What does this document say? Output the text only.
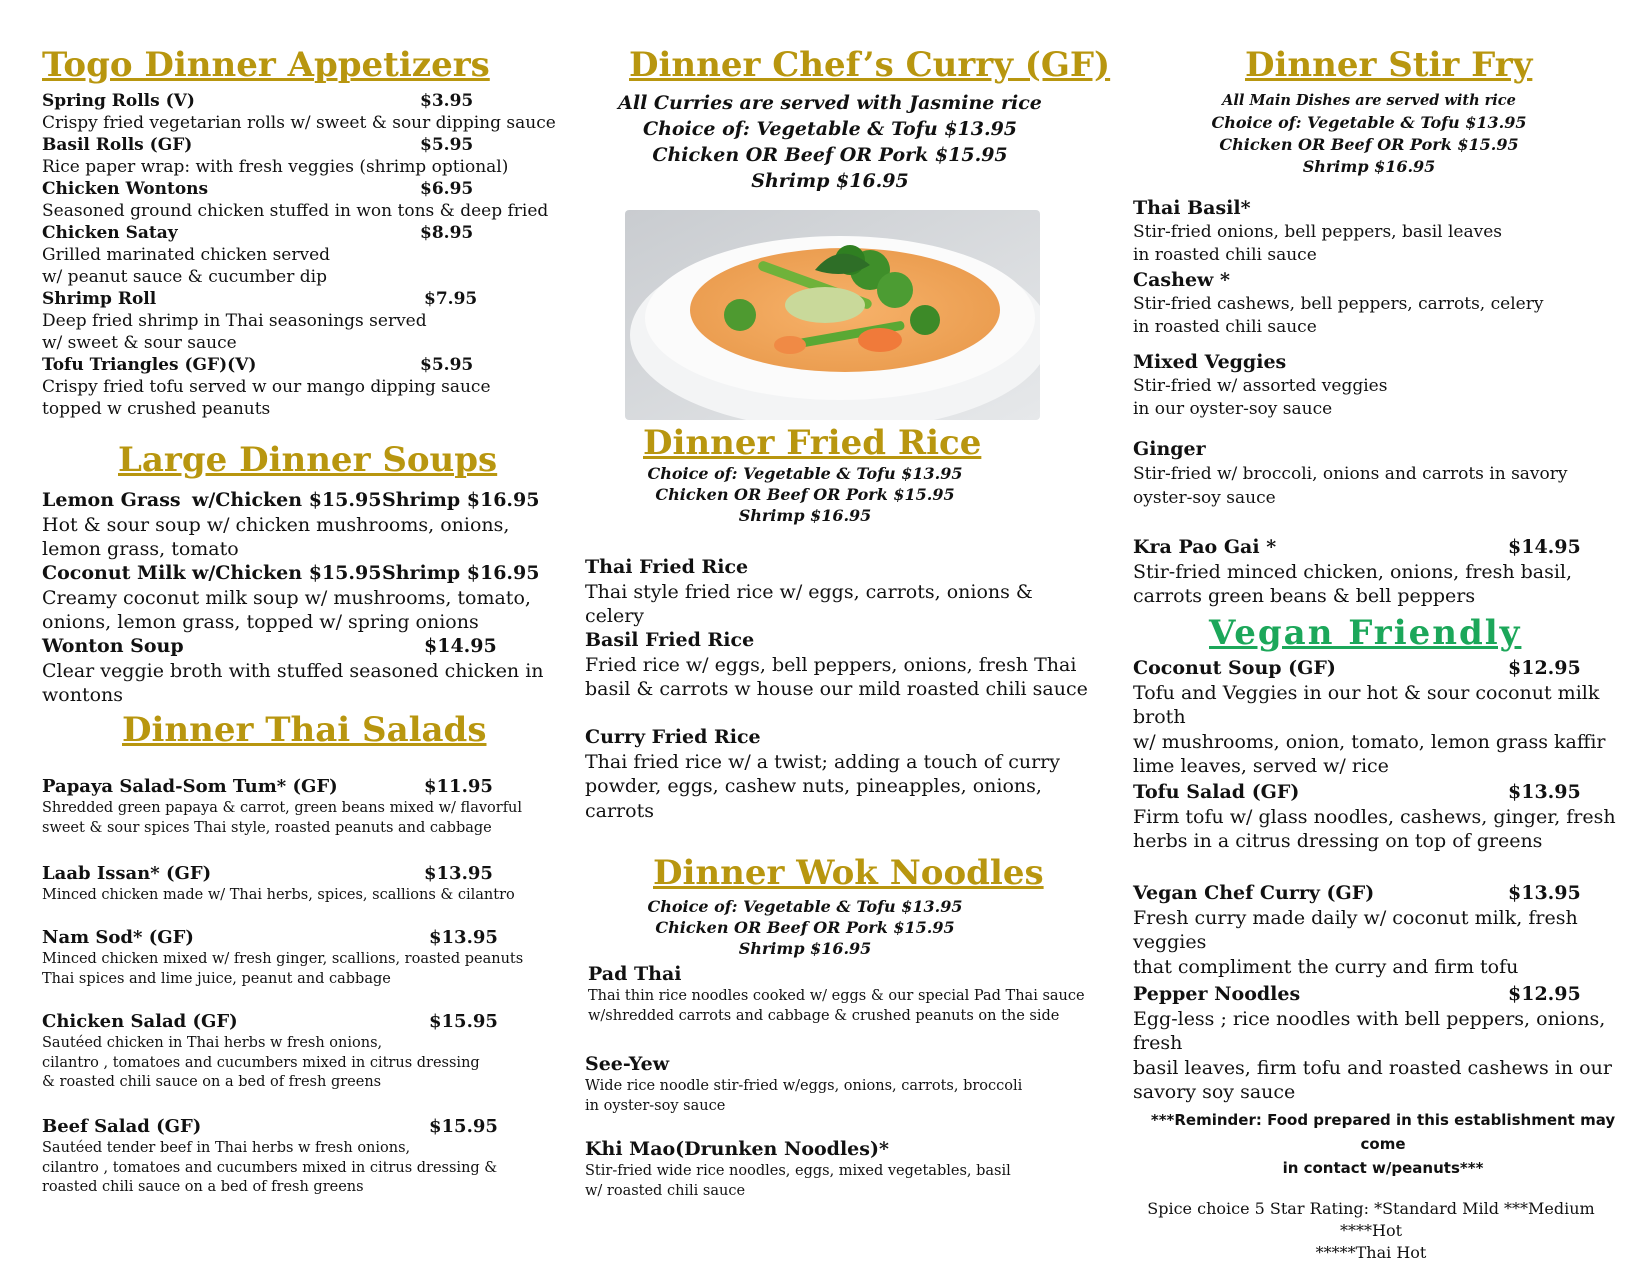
Togo Dinner Appetizers
Spring Rolls (V)	$3.95
Crispy fried vegetarian rolls w/ sweet & sour dipping sauce
Basil Rolls (GF)	$5.95
Rice paper wrap: with fresh veggies (shrimp optional)
Chicken Wontons	$6.95
Seasoned ground chicken stuffed in won tons & deep fried
Chicken Satay	$8.95
Grilled marinated chicken served
w/ peanut sauce & cucumber dip
Shrimp Roll	$7.95
Deep fried shrimp in Thai seasonings served
w/ sweet & sour sauce
Tofu Triangles (GF)(V)	$5.95
Crispy fried tofu served w our mango dipping sauce
topped w crushed peanuts
Large Dinner Soups
Lemon Grass w/Chicken $15.95 Shrimp $16.95
Hot & sour soup w/ chicken mushrooms, onions,
lemon grass, tomato
Coconut Milk w/Chicken $15.95 Shrimp $16.95
Creamy coconut milk soup w/ mushrooms, tomato,
onions, lemon grass, topped w/ spring onions
Wonton Soup	$14.95
Clear veggie broth with stuffed seasoned chicken in
wontons
Dinner Thai Salads
Papaya Salad-Som Tum* (GF)	$11.95
Shredded green papaya & carrot, green beans mixed w/ flavorful
sweet & sour spices Thai style, roasted peanuts and cabbage
Laab Issan* (GF)	$13.95
Minced chicken made w/ Thai herbs, spices, scallions & cilantro
Nam Sod* (GF)	$13.95
Minced chicken mixed w/ fresh ginger, scallions, roasted peanuts
Thai spices and lime juice, peanut and cabbage
Chicken Salad (GF)	$15.95
Sautéed chicken in Thai herbs w fresh onions,
cilantro , tomatoes and cucumbers mixed in citrus dressing
& roasted chili sauce on a bed of fresh greens
Beef Salad (GF)	$15.95
Sautéed tender beef in Thai herbs w fresh onions,
cilantro , tomatoes and cucumbers mixed in citrus dressing &
roasted chili sauce on a bed of fresh greens
Dinner Chef’s Curry (GF)
All Curries are served with Jasmine rice
Choice of: Vegetable & Tofu $13.95
Chicken OR Beef OR Pork $15.95
Shrimp $16.95
Dinner Fried Rice
Choice of: Vegetable & Tofu $13.95
Chicken OR Beef OR Pork $15.95
Shrimp $16.95
Thai Fried Rice
Thai style fried rice w/ eggs, carrots, onions & celery
Basil Fried Rice
Fried rice w/ eggs, bell peppers, onions, fresh Thai
basil & carrots w house our mild roasted chili sauce
Curry Fried Rice
Thai fried rice w/ a twist; adding a touch of curry
powder, eggs, cashew nuts, pineapples, onions, carrots
Dinner Wok Noodles
Choice of: Vegetable & Tofu $13.95
Chicken OR Beef OR Pork $15.95
Shrimp $16.95
Pad Thai
Thai thin rice noodles cooked w/ eggs & our special Pad Thai sauce
w/shredded carrots and cabbage & crushed peanuts on the side
See-Yew
Wide rice noodle stir-fried w/eggs, onions, carrots, broccoli
in oyster-soy sauce
Khi Mao(Drunken Noodles)*
Stir-fried wide rice noodles, eggs, mixed vegetables, basil
w/ roasted chili sauce
Dinner Stir Fry
All Main Dishes are served with rice
Choice of: Vegetable & Tofu $13.95
Chicken OR Beef OR Pork $15.95
Shrimp $16.95
Thai Basil*
Stir-fried onions, bell peppers, basil leaves
in roasted chili sauce
Cashew *
Stir-fried cashews, bell peppers, carrots, celery
in roasted chili sauce
Mixed Veggies
Stir-fried w/ assorted veggies
in our oyster-soy sauce
Ginger
Stir-fried w/ broccoli, onions and carrots in savory
oyster-soy sauce
Kra Pao Gai *	$14.95
Stir-fried minced chicken, onions, fresh basil,
carrots green beans & bell peppers
Vegan Friendly
Coconut Soup (GF)	$12.95
Tofu and Veggies in our hot & sour coconut milk broth
w/ mushrooms, onion, tomato, lemon grass kaffir
lime leaves, served w/ rice
Tofu Salad (GF)	$13.95
Firm tofu w/ glass noodles, cashews, ginger, fresh
herbs in a citrus dressing on top of greens
Vegan Chef Curry (GF)	$13.95
Fresh curry made daily w/ coconut milk, fresh veggies
that compliment the curry and firm tofu
Pepper Noodles	$12.95
Egg-less ; rice noodles with bell peppers, onions, fresh
basil leaves, firm tofu and roasted cashews in our
savory soy sauce
***Reminder: Food prepared in this establishment may come
in contact w/peanuts***
Spice choice 5 Star Rating: *Standard Mild ***Medium ****Hot
*****Thai Hot
